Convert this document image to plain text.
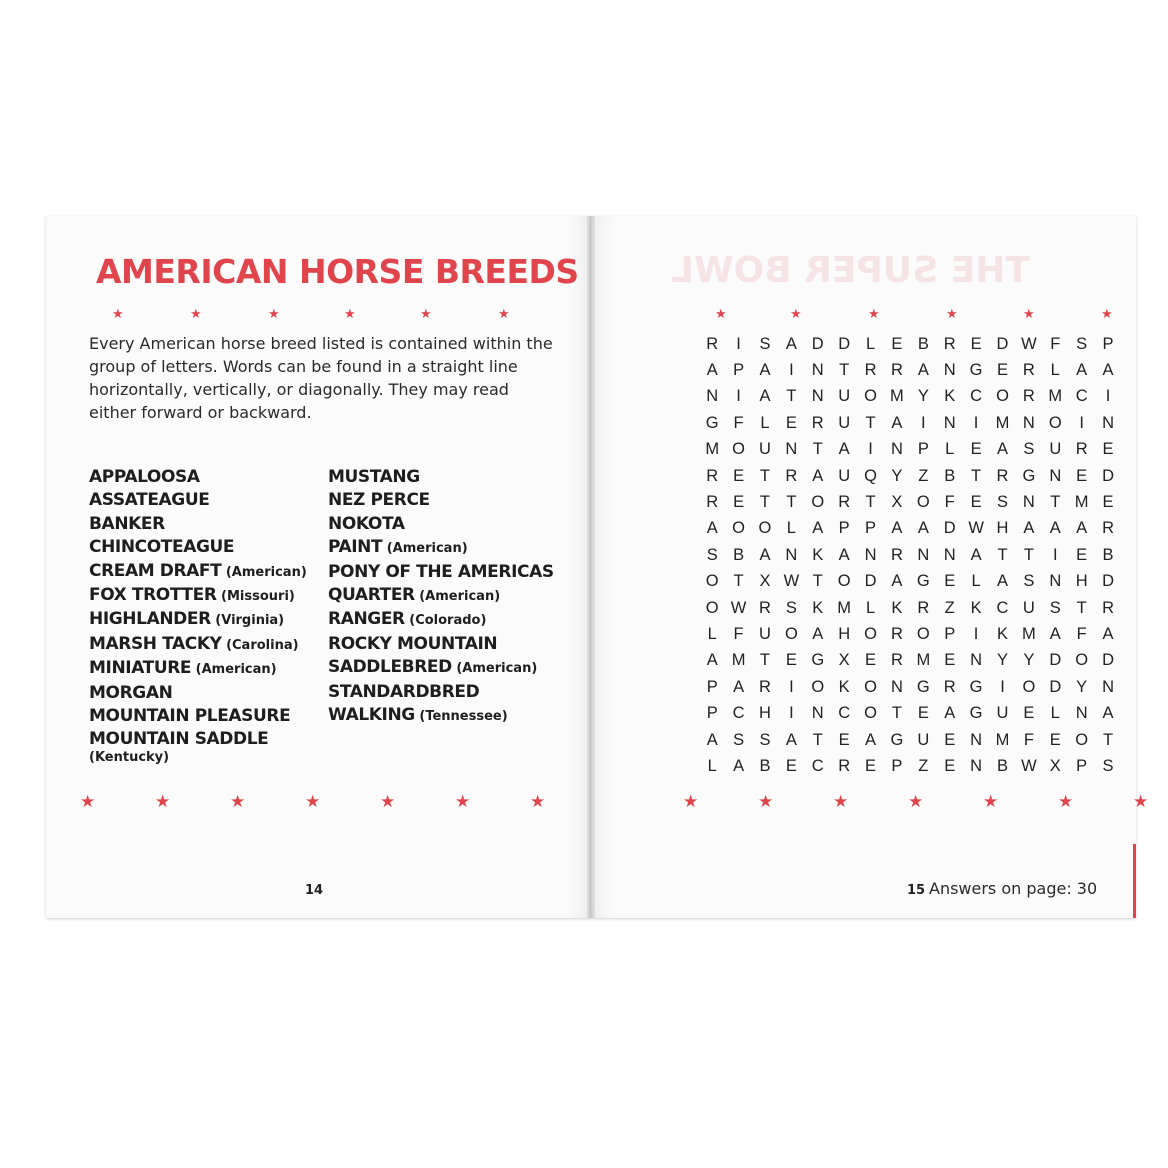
AMERICAN HORSE BREEDS
★	★	★	★	★	★

Every American horse breed listed is contained within the group of letters. Words can be found in a straight line horizontally, vertically, or diagonally. They may read either forward or backward.

APPALOOSA
ASSATEAGUE
BANKER
CHINCOTEAGUE
CREAM DRAFT (American)
FOX TROTTER (Missouri)
HIGHLANDER (Virginia)
MARSH TACKY (Carolina)
MINIATURE (American)
MORGAN
MOUNTAIN PLEASURE
MOUNTAIN SADDLE
(Kentucky)
MUSTANG
NEZ PERCE
NOKOTA
PAINT (American)
PONY OF THE AMERICAS
QUARTER (American)
RANGER (Colorado)
ROCKY MOUNTAIN
SADDLEBRED (American)
STANDARDBRED
WALKING (Tennessee)
★	★	★	★	★	★	★
14
THE SUPER BOWL
★	★	★	★	★	★
R	I	S	A	D	D	L	E	B	R	E	D	W	F	S	P
A	P	A	I	N	T	R	R	A	N	G	E	R	L	A	A
N	I	A	T	N	U	O	M	Y	K	C	O	R	M	C	I
G	F	L	E	R	U	T	A	I	N	I	M	N	O	I	N
M	O	U	N	T	A	I	N	P	L	E	A	S	U	R	E
R	E	T	R	A	U	Q	Y	Z	B	T	R	G	N	E	D
R	E	T	T	O	R	T	X	O	F	E	S	N	T	M	E
A	O	O	L	A	P	P	A	A	D	W	H	A	A	A	R
S	B	A	N	K	A	N	R	N	N	A	T	T	I	E	B
O	T	X	W	T	O	D	A	G	E	L	A	S	N	H	D
O	W	R	S	K	M	L	K	R	Z	K	C	U	S	T	R
L	F	U	O	A	H	O	R	O	P	I	K	M	A	F	A
A	M	T	E	G	X	E	R	M	E	N	Y	Y	D	O	D
P	A	R	I	O	K	O	N	G	R	G	I	O	D	Y	N
P	C	H	I	N	C	O	T	E	A	G	U	E	L	N	A
A	S	S	A	T	E	A	G	U	E	N	M	F	E	O	T
L	A	B	E	C	R	E	P	Z	E	N	B	W	X	P	S
★	★	★	★	★	★	★
15 Answers on page: 30
